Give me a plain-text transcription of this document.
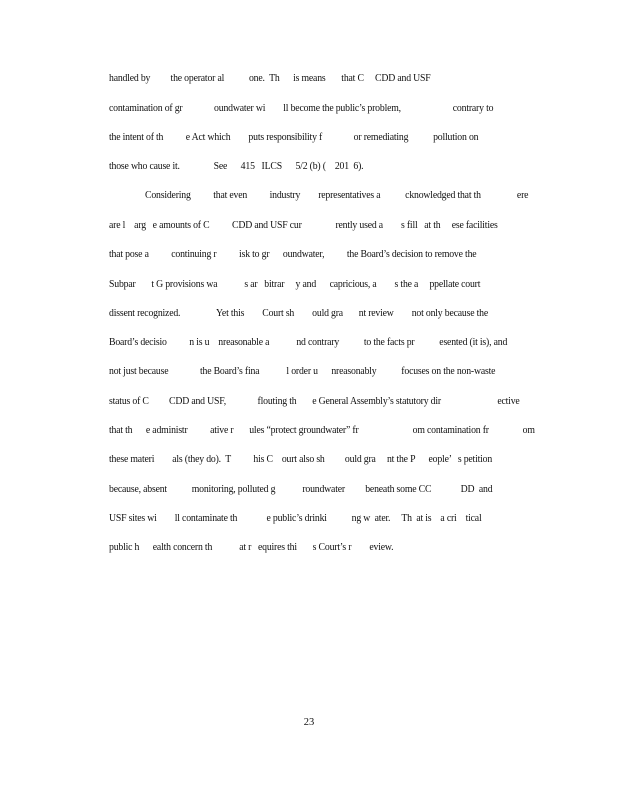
handled by         the operator al           one.  Th      is means       that C     CDD and USF
contamination of gr              oundwater wi        ll become the public’s problem,                       contrary to
the intent of th          e Act which        puts responsibility f              or remediating           pollution on
those who cause it.               See      415   ILCS      5/2 (b) (    201  6).
Considering          that even          industry        representatives a           cknowledged that th                ere
are l    arg   e amounts of C          CDD and USF cur               rently used a        s fill   at th     ese facilities
that pose a          continuing r          isk to gr      oundwater,          the Board’s decision to remove the
Subpar       t G provisions wa            s ar   bitrar     y and      capricious, a        s the a     ppellate court
dissent recognized.                Yet this        Court sh        ould gra       nt review        not only because the
Board’s decisio          n is u    nreasonable a            nd contrary           to the facts pr           esented (it is), and
not just because              the Board’s fina            l order u      nreasonably           focuses on the non-waste
status of C         CDD and USF,              flouting th       e General Assembly’s statutory dir                         ective
that th      e administr          ative r       ules “protect groundwater” fr                        om contamination fr               om
these materi        als (they do).  T          his C    ourt also sh         ould gra     nt the P      eople’   s petition
because, absent           monitoring, polluted g            roundwater         beneath some CC             DD  and
USF sites wi        ll contaminate th             e public’s drinki           ng w  ater.     Th  at is    a cri    tical
public h      ealth concern th            at r   equires thi       s Court’s r        eview.
23
